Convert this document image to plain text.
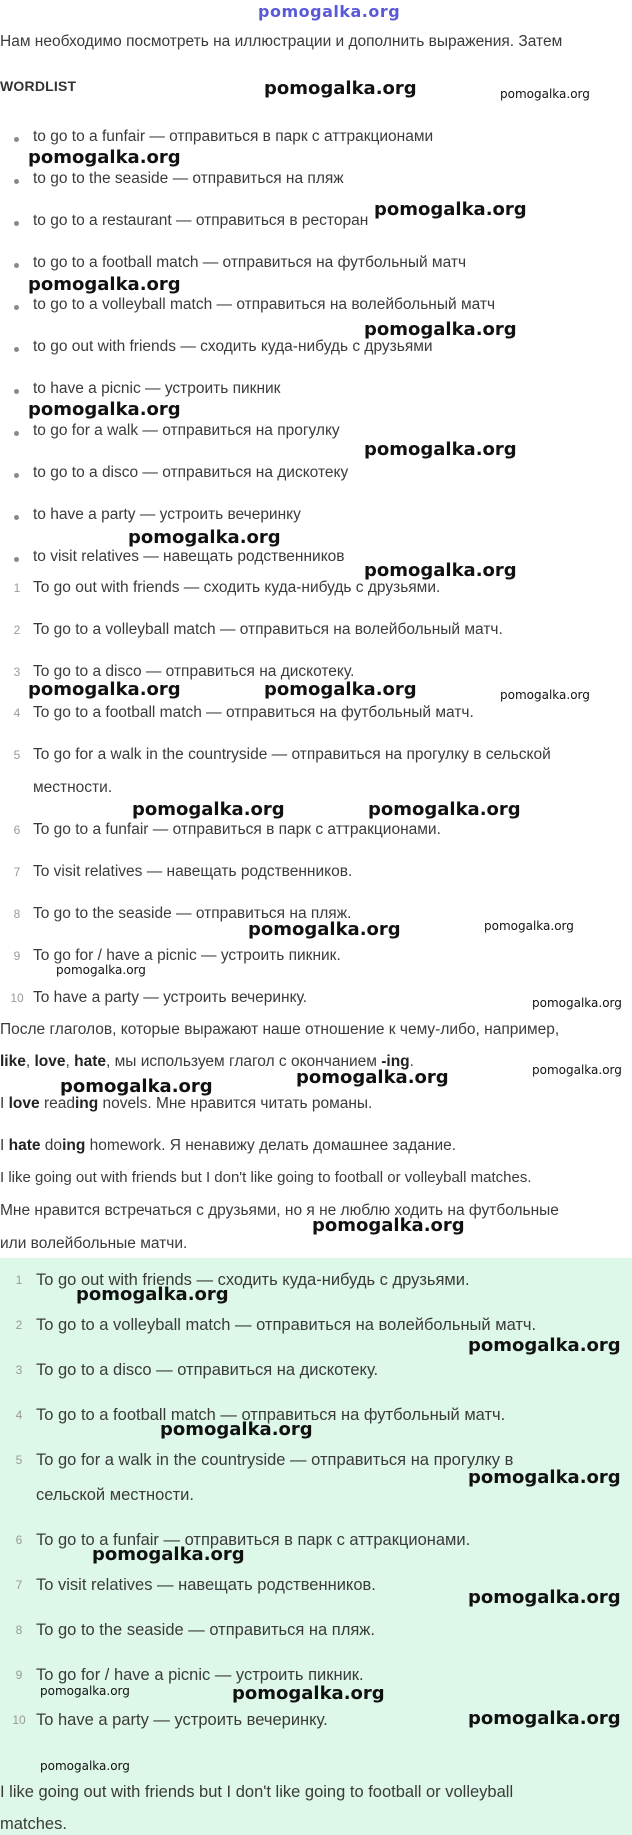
pomogalka.org
Нам необходимо посмотреть на иллюстрации и дополнить выражения. Затем
WORDLIST
to go to a funfair — отправиться в парк с аттракционами
to go to the seaside — отправиться на пляж
to go to a restaurant — отправиться в ресторан
to go to a football match — отправиться на футбольный матч
to go to a volleyball match — отправиться на волейбольный матч
to go out with friends — сходить куда-нибудь с друзьями
to have a picnic — устроить пикник
to go for a walk — отправиться на прогулку
to go to a disco — отправиться на дискотеку
to have a party — устроить вечеринку
to visit relatives — навещать родственников
1 To go out with friends — сходить куда-нибудь с друзьями.
2 To go to a volleyball match — отправиться на волейбольный матч.
3 To go to a disco — отправиться на дискотеку.
4 To go to a football match — отправиться на футбольный матч.
5 To go for a walk in the countryside — отправиться на прогулку в сельской
местности.
6 To go to a funfair — отправиться в парк с аттракционами.
7 To visit relatives — навещать родственников.
8 To go to the seaside — отправиться на пляж.
9 To go for / have a picnic — устроить пикник.
10 To have a party — устроить вечеринку.
После глаголов, которые выражают наше отношение к чему-либо, например,
like, love, hate, мы используем глагол с окончанием -ing.
I love reading novels. Мне нравится читать романы.
I hate doing homework. Я ненавижу делать домашнее задание.
I like going out with friends but I don't like going to football or volleyball matches.
Мне нравится встречаться с друзьями, но я не люблю ходить на футбольные
или волейбольные матчи.
1 To go out with friends — сходить куда-нибудь с друзьями.
2 To go to a volleyball match — отправиться на волейбольный матч.
3 To go to a disco — отправиться на дискотеку.
4 To go to a football match — отправиться на футбольный матч.
5 To go for a walk in the countryside — отправиться на прогулку в
сельской местности.
6 To go to a funfair — отправиться в парк с аттракционами.
7 To visit relatives — навещать родственников.
8 To go to the seaside — отправиться на пляж.
9 To go for / have a picnic — устроить пикник.
10 To have a party — устроить вечеринку.
I like going out with friends but I don't like going to football or volleyball
matches.
pomogalka.org	pomogalka.org
pomogalka.org
pomogalka.org
pomogalka.org
pomogalka.org
pomogalka.org
pomogalka.org
pomogalka.org
pomogalka.org
pomogalka.org	pomogalka.org	pomogalka.org
pomogalka.org	pomogalka.org
pomogalka.org	pomogalka.org
pomogalka.org
pomogalka.org
pomogalka.org
pomogalka.org
pomogalka.org
pomogalka.org
pomogalka.org
pomogalka.org
pomogalka.org
pomogalka.org
pomogalka.org
pomogalka.org
pomogalka.org	pomogalka.org
pomogalka.org
pomogalka.org
